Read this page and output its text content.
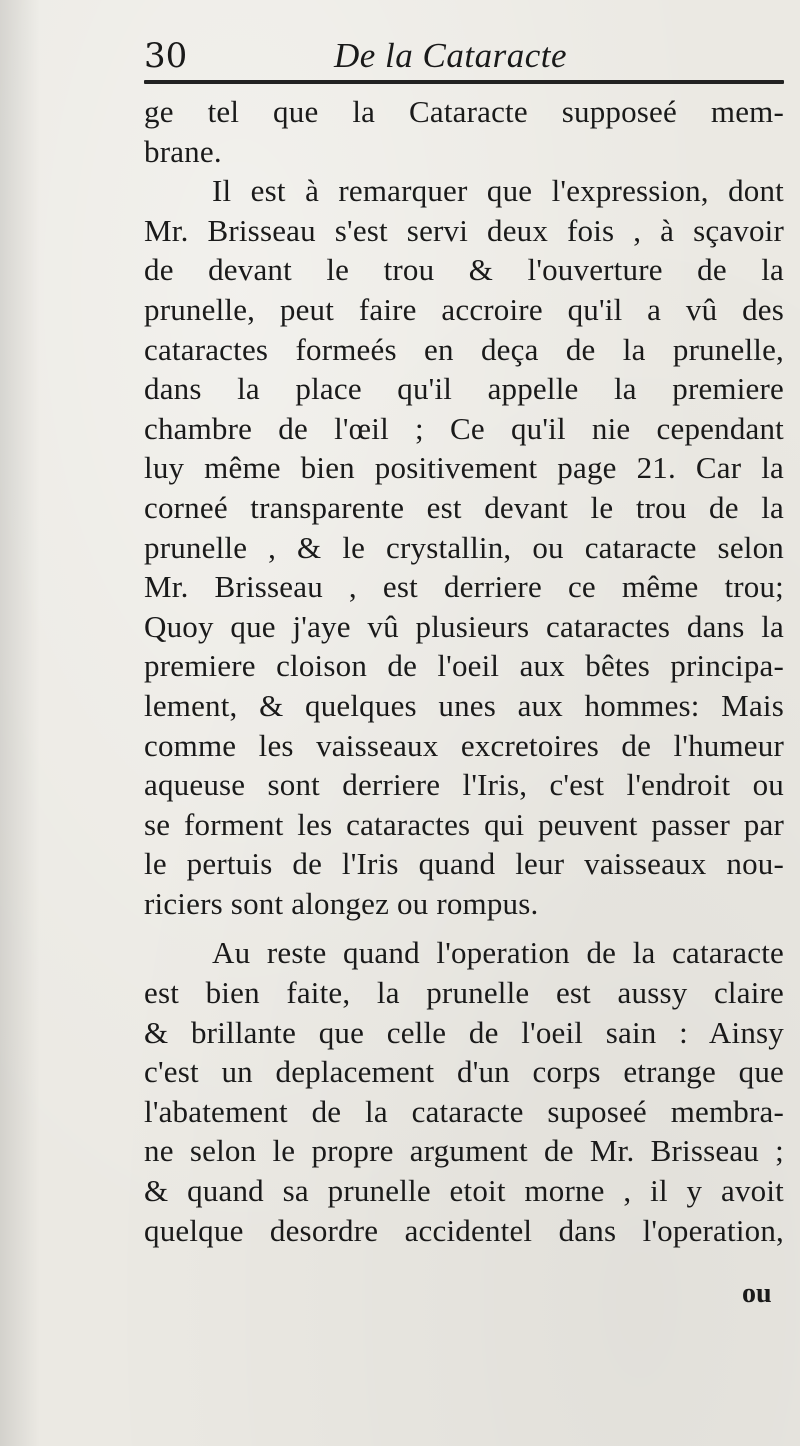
30	De la Cataracte
ge tel que la Cataracte supposeé mem-
brane.
Il est à remarquer que l'expression, dont
Mr. Brisseau s'est servi deux fois , à sçavoir
de devant le trou & l'ouverture de la
prunelle, peut faire accroire qu'il a vû des
cataractes formeés en deça de la prunelle,
dans la place qu'il appelle la premiere
chambre de l'œil ; Ce qu'il nie cependant
luy même bien positivement page 21. Car la
corneé transparente est devant le trou de la
prunelle , & le crystallin, ou cataracte selon
Mr. Brisseau , est derriere ce même trou;
Quoy que j'aye vû plusieurs cataractes dans la
premiere cloison de l'oeil aux bêtes principa-
lement, & quelques unes aux hommes: Mais
comme les vaisseaux excretoires de l'humeur
aqueuse sont derriere l'Iris, c'est l'endroit ou
se forment les cataractes qui peuvent passer par
le pertuis de l'Iris quand leur vaisseaux nou-
riciers sont alongez ou rompus.
Au reste quand l'operation de la cataracte
est bien faite, la prunelle est aussy claire
& brillante que celle de l'oeil sain : Ainsy
c'est un deplacement d'un corps etrange que
l'abatement de la cataracte suposeé membra-
ne selon le propre argument de Mr. Brisseau ;
& quand sa prunelle etoit morne , il y avoit
quelque desordre accidentel dans l'operation,
ou
